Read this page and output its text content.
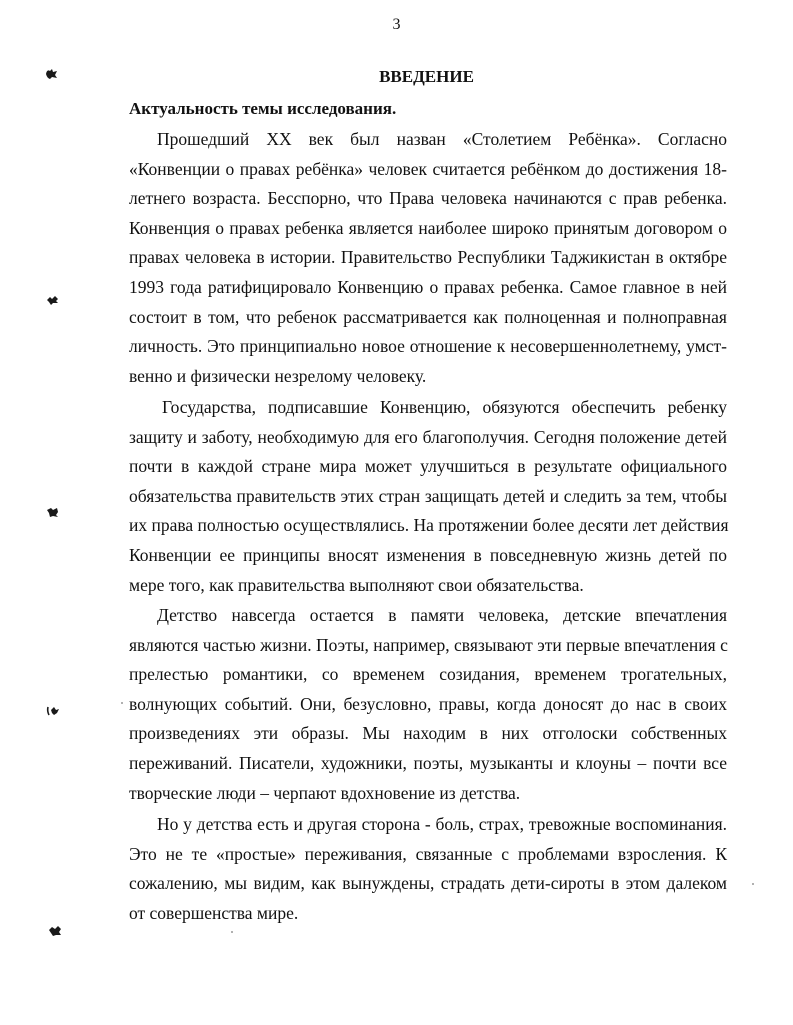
3
ВВЕДЕНИЕ
Актуальность темы исследования.
Прошедший XX век был назван «Столетием Ребёнка». Согласно
«Конвенции о правах ребёнка» человек считается ребёнком до достижения 18-
летнего возраста. Бесспорно, что Права человека начинаются с прав ребенка.
Конвенция о правах ребенка является наиболее широко принятым договором о
правах человека в истории. Правительство Республики Таджикистан в октябре
1993 года ратифицировало Конвенцию о правах ребенка. Самое главное в ней
состоит в том, что ребенок рассматривается как полноценная и полноправная
личность. Это принципиально новое отношение к несовершеннолетнему, умст-
венно и физически незрелому человеку.
Государства, подписавшие Конвенцию, обязуются обеспечить ребенку
защиту и заботу, необходимую для его благополучия. Сегодня положение детей
почти в каждой стране мира может улучшиться в результате официального
обязательства правительств этих стран защищать детей и следить за тем, чтобы
их права полностью осуществлялись. На протяжении более десяти лет действия
Конвенции ее принципы вносят изменения в повседневную жизнь детей по
мере того, как правительства выполняют свои обязательства.
Детство навсегда остается в памяти человека, детские впечатления
являются частью жизни. Поэты, например, связывают эти первые впечатления с
прелестью романтики, со временем созидания, временем трогательных,
волнующих событий. Они, безусловно, правы, когда доносят до нас в своих
произведениях эти образы. Мы находим в них отголоски собственных
переживаний. Писатели, художники, поэты, музыканты и клоуны – почти все
творческие люди – черпают вдохновение из детства.
Но у детства есть и другая сторона - боль, страх, тревожные воспоминания.
Это не те «простые» переживания, связанные с проблемами взросления. К
сожалению, мы видим, как вынуждены, страдать дети-сироты в этом далеком
от совершенства мире.
